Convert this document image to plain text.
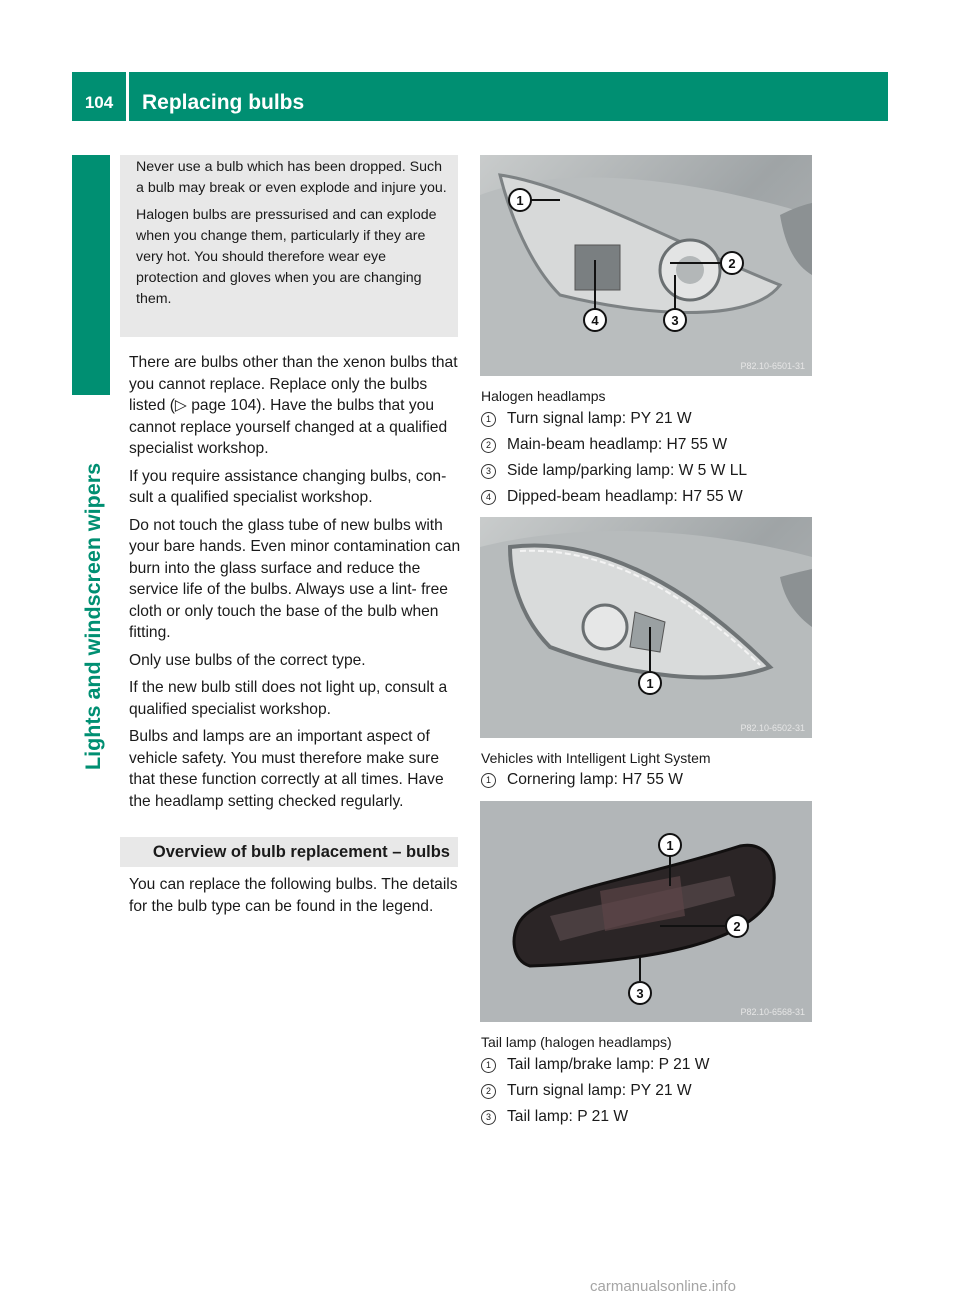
104	Replacing bulbs
Lights and windscreen wipers

Never use a bulb which has been dropped. Such a bulb may break or even explode and injure you.

Halogen bulbs are pressurised and can explode when you change them, particularly if they are very hot. You should therefore wear eye protection and gloves when you are changing them.

There are bulbs other than the xenon bulbs that you cannot replace. Replace only the bulbs listed (▷ page 104). Have the bulbs that you cannot replace yourself changed at a qualified specialist workshop.

If you require assistance changing bulbs, con- sult a qualified specialist workshop.

Do not touch the glass tube of new bulbs with your bare hands. Even minor contamination can burn into the glass surface and reduce the service life of the bulbs. Always use a lint- free cloth or only touch the base of the bulb when fitting.

Only use bulbs of the correct type.

If the new bulb still does not light up, consult a qualified specialist workshop.

Bulbs and lamps are an important aspect of vehicle safety. You must therefore make sure that these function correctly at all times. Have the headlamp setting checked regularly.

Overview of bulb replacement – bulbs

You can replace the following bulbs. The details for the bulb type can be found in the legend.

1
2
3
4
P82.10-6501-31
Halogen headlamps
1 Turn signal lamp: PY 21 W
2 Main-beam headlamp: H7 55 W
3 Side lamp/parking lamp: W 5 W LL
4 Dipped-beam headlamp: H7 55 W
1
P82.10-6502-31
Vehicles with Intelligent Light System
1 Cornering lamp: H7 55 W
1
2
3
P82.10-6568-31
Tail lamp (halogen headlamps)
1 Tail lamp/brake lamp: P 21 W
2 Turn signal lamp: PY 21 W
3 Tail lamp: P 21 W
carmanualsonline.info
